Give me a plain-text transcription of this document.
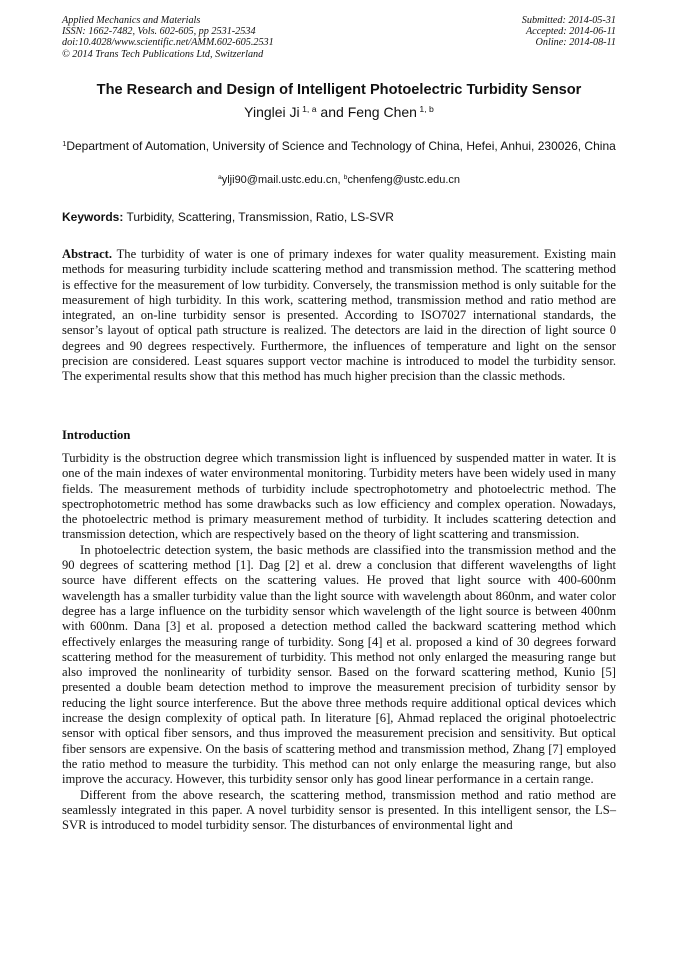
Applied Mechanics and Materials
ISSN: 1662-7482, Vols. 602-605, pp 2531-2534
doi:10.4028/www.scientific.net/AMM.602-605.2531
© 2014 Trans Tech Publications Ltd, Switzerland
Submitted: 2014-05-31
Accepted: 2014-06-11
Online: 2014-08-11
The Research and Design of Intelligent Photoelectric Turbidity Sensor
Yinglei Ji $^{1, a}$ and Feng Chen $^{1, b}$
$^1$Department of Automation, University of Science and Technology of China, Hefei, Anhui, 230026, China
$^a$ylji90@mail.ustc.edu.cn, $^b$chenfeng@ustc.edu.cn
Keywords: Turbidity, Scattering, Transmission, Ratio, LS-SVR
Abstract. The turbidity of water is one of primary indexes for water quality measurement. Existing main methods for measuring turbidity include scattering method and transmission method. The scattering method is effective for the measurement of low turbidity. Conversely, the transmission method is only suitable for the measurement of high turbidity. In this work, scattering method, transmission method and ratio method are integrated, an on-line turbidity sensor is presented. According to ISO7027 international standards, the sensor’s layout of optical path structure is realized. The detectors are laid in the direction of light source 0 degrees and 90 degrees respectively. Furthermore, the influences of temperature and light on the sensor precision are considered. Least squares support vector machine is introduced to model the turbidity sensor. The experimental results show that this method has much higher precision than the classic methods.
Introduction

Turbidity is the obstruction degree which transmission light is influenced by suspended matter in water. It is one of the main indexes of water environmental monitoring. Turbidity meters have been widely used in many fields. The measurement methods of turbidity include spectrophotometry and photoelectric method. The spectrophotometric method has some drawbacks such as low efficiency and complex operation. Nowadays, the photoelectric method is primary measurement method of turbidity. It includes scattering detection and transmission detection, which are respectively based on the theory of light scattering and transmission.

In photoelectric detection system, the basic methods are classified into the transmission method and the 90 degrees of scattering method [1]. Dag [2] et al. drew a conclusion that different wavelengths of light source have different effects on the scattering values. He proved that light source with 400-600nm wavelength has a smaller turbidity value than the light source with wavelength about 860nm, and water color degree has a large influence on the turbidity sensor which wavelength of the light source is between 400nm with 600nm. Dana [3] et al. proposed a detection method called the backward scattering method which effectively enlarges the measuring range of turbidity. Song [4] et al. proposed a kind of 30 degrees forward scattering method for the measurement of turbidity. This method not only enlarged the measuring range but also improved the nonlinearity of turbidity sensor. Based on the forward scattering method, Kunio [5] presented a double beam detection method to improve the measurement precision of turbidity sensor by reducing the light source interference. But the above three methods require additional optical devices which increase the design complexity of optical path. In literature [6], Ahmad replaced the original photoelectric sensor with optical fiber sensors, and thus improved the measurement precision and sensitivity. But optical fiber sensors are expensive. On the basis of scattering method and transmission method, Zhang [7] employed the ratio method to measure the turbidity. This method can not only enlarge the measuring range, but also improve the accuracy. However, this turbidity sensor only has good linear performance in a certain range.

Different from the above research, the scattering method, transmission method and ratio method are seamlessly integrated in this paper. A novel turbidity sensor is presented. In this intelligent sensor, the LS–SVR is introduced to model turbidity sensor. The disturbances of environmental light and
